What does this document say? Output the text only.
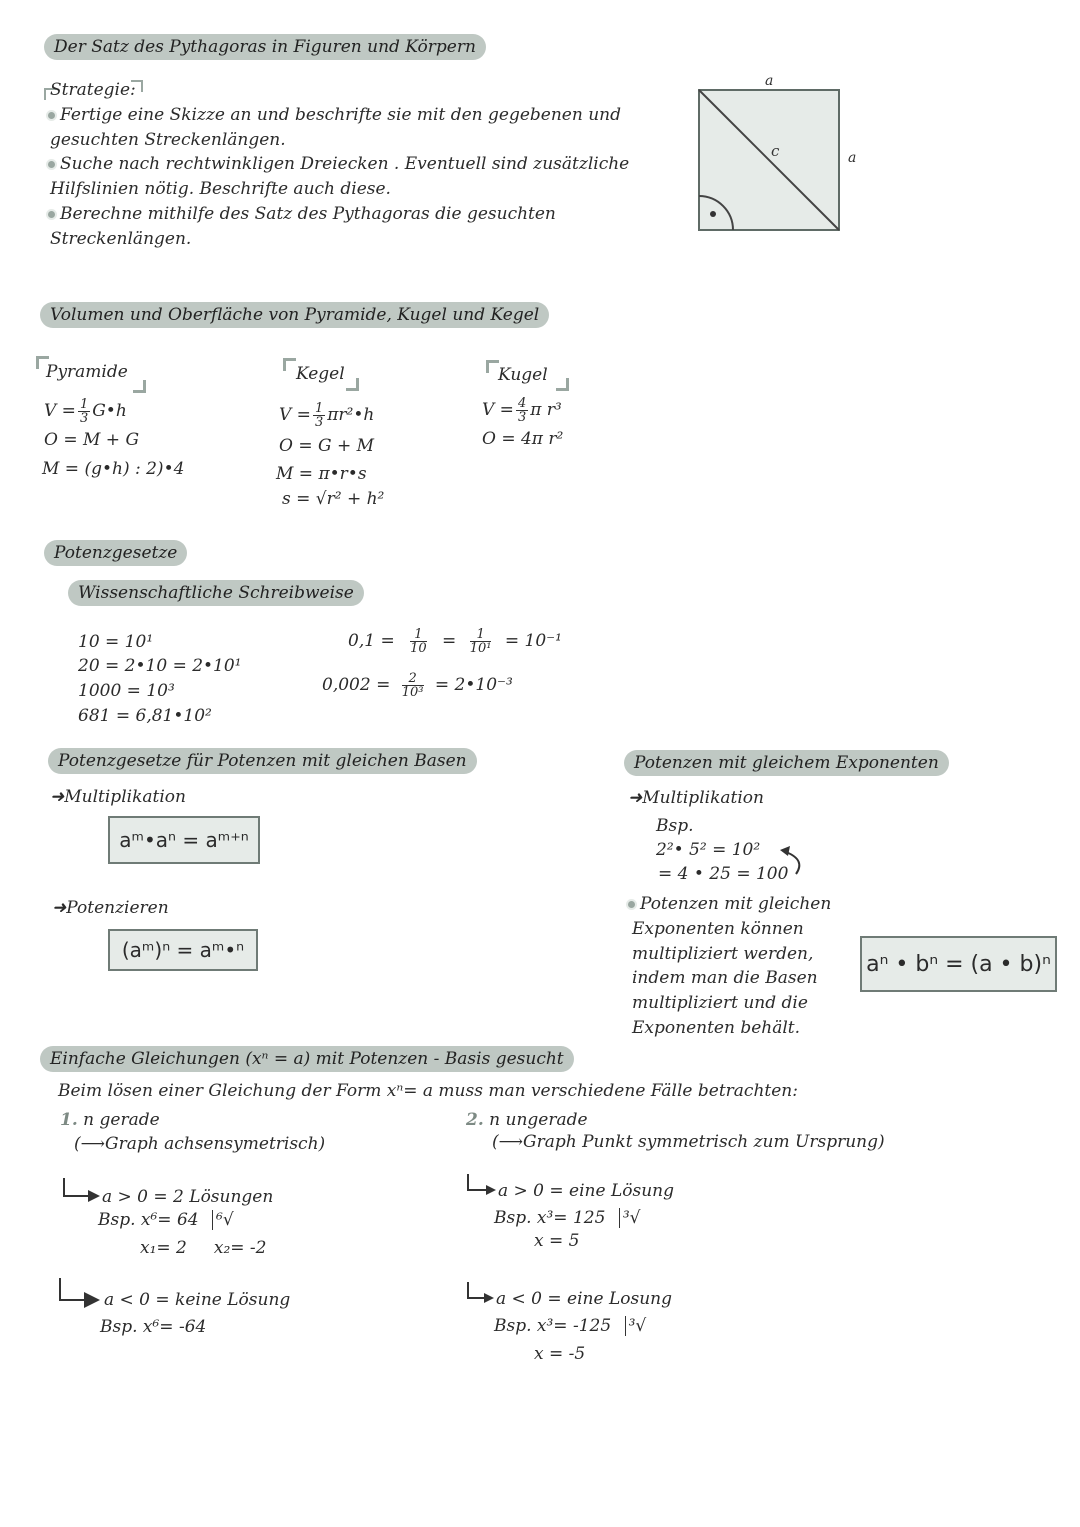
Der Satz des Pythagoras in Figuren und Körpern
Strategie:
Fertige eine Skizze an und beschrifte sie mit den gegebenen und
gesuchten Streckenlängen.
Suche nach rechtwinkligen Dreiecken . Eventuell sind zusätzliche
Hilfslinien nötig. Beschrifte auch diese.
Berechne mithilfe des Satz des Pythagoras die gesuchten
Streckenlängen.
a
a
c
Volumen und Oberfläche von Pyramide, Kugel und Kegel
Pyramide
$V = \frac{1}{3}$ G•h
O = M + G
M = (g•h) : 2)•4
Kegel
$V = \frac{1}{3}$ πr²•h
O = G + M
M = π•r•s
s = √r² + h²
Kugel
$V = \frac{4}{3}$ π r³
O = 4π r²
Potenzgesetze
Wissenschaftliche Schreibweise
10 = 10¹
20 = 2•10 = 2•10¹
1000 = 10³
681 = 6,81•10²
$0,1 = \frac{1}{10} = \frac{1}{\text{10¹}} = 10^{-1}$
$0,002 = \frac{2}{\text{10³}}$ = 2•10⁻³
Potenzgesetze für Potenzen mit gleichen Basen
➜Multiplikation
aᵐ•aⁿ = aᵐ⁺ⁿ
➜Potenzieren
(aᵐ)ⁿ = aᵐ•ⁿ
Potenzen mit gleichem Exponenten
➜Multiplikation
Bsp.
2²• 5² = 10²
= 4 • 25 = 100
Potenzen mit gleichen
Exponenten können
multipliziert werden,
indem man die Basen
multipliziert und die
Exponenten behält.
aⁿ • bⁿ = (a • b)ⁿ
Einfache Gleichungen (xⁿ = a) mit Potenzen - Basis gesucht
Beim lösen einer Gleichung der Form xⁿ= a muss man verschiedene Fälle betrachten:
1. n gerade
(⟶Graph achsensymetrisch)
a > 0 = 2 Lösungen
Bsp. x⁶= 64 ⁶√
x₁= 2     x₂= -2
a < 0 = keine Lösung
Bsp. x⁶= -64
2. n ungerade
(⟶Graph Punkt symmetrisch zum Ursprung)
a > 0 = eine Lösung
Bsp. x³= 125 ³√
x = 5
a < 0 = eine Losung
Bsp. x³= -125 ³√
x = -5
